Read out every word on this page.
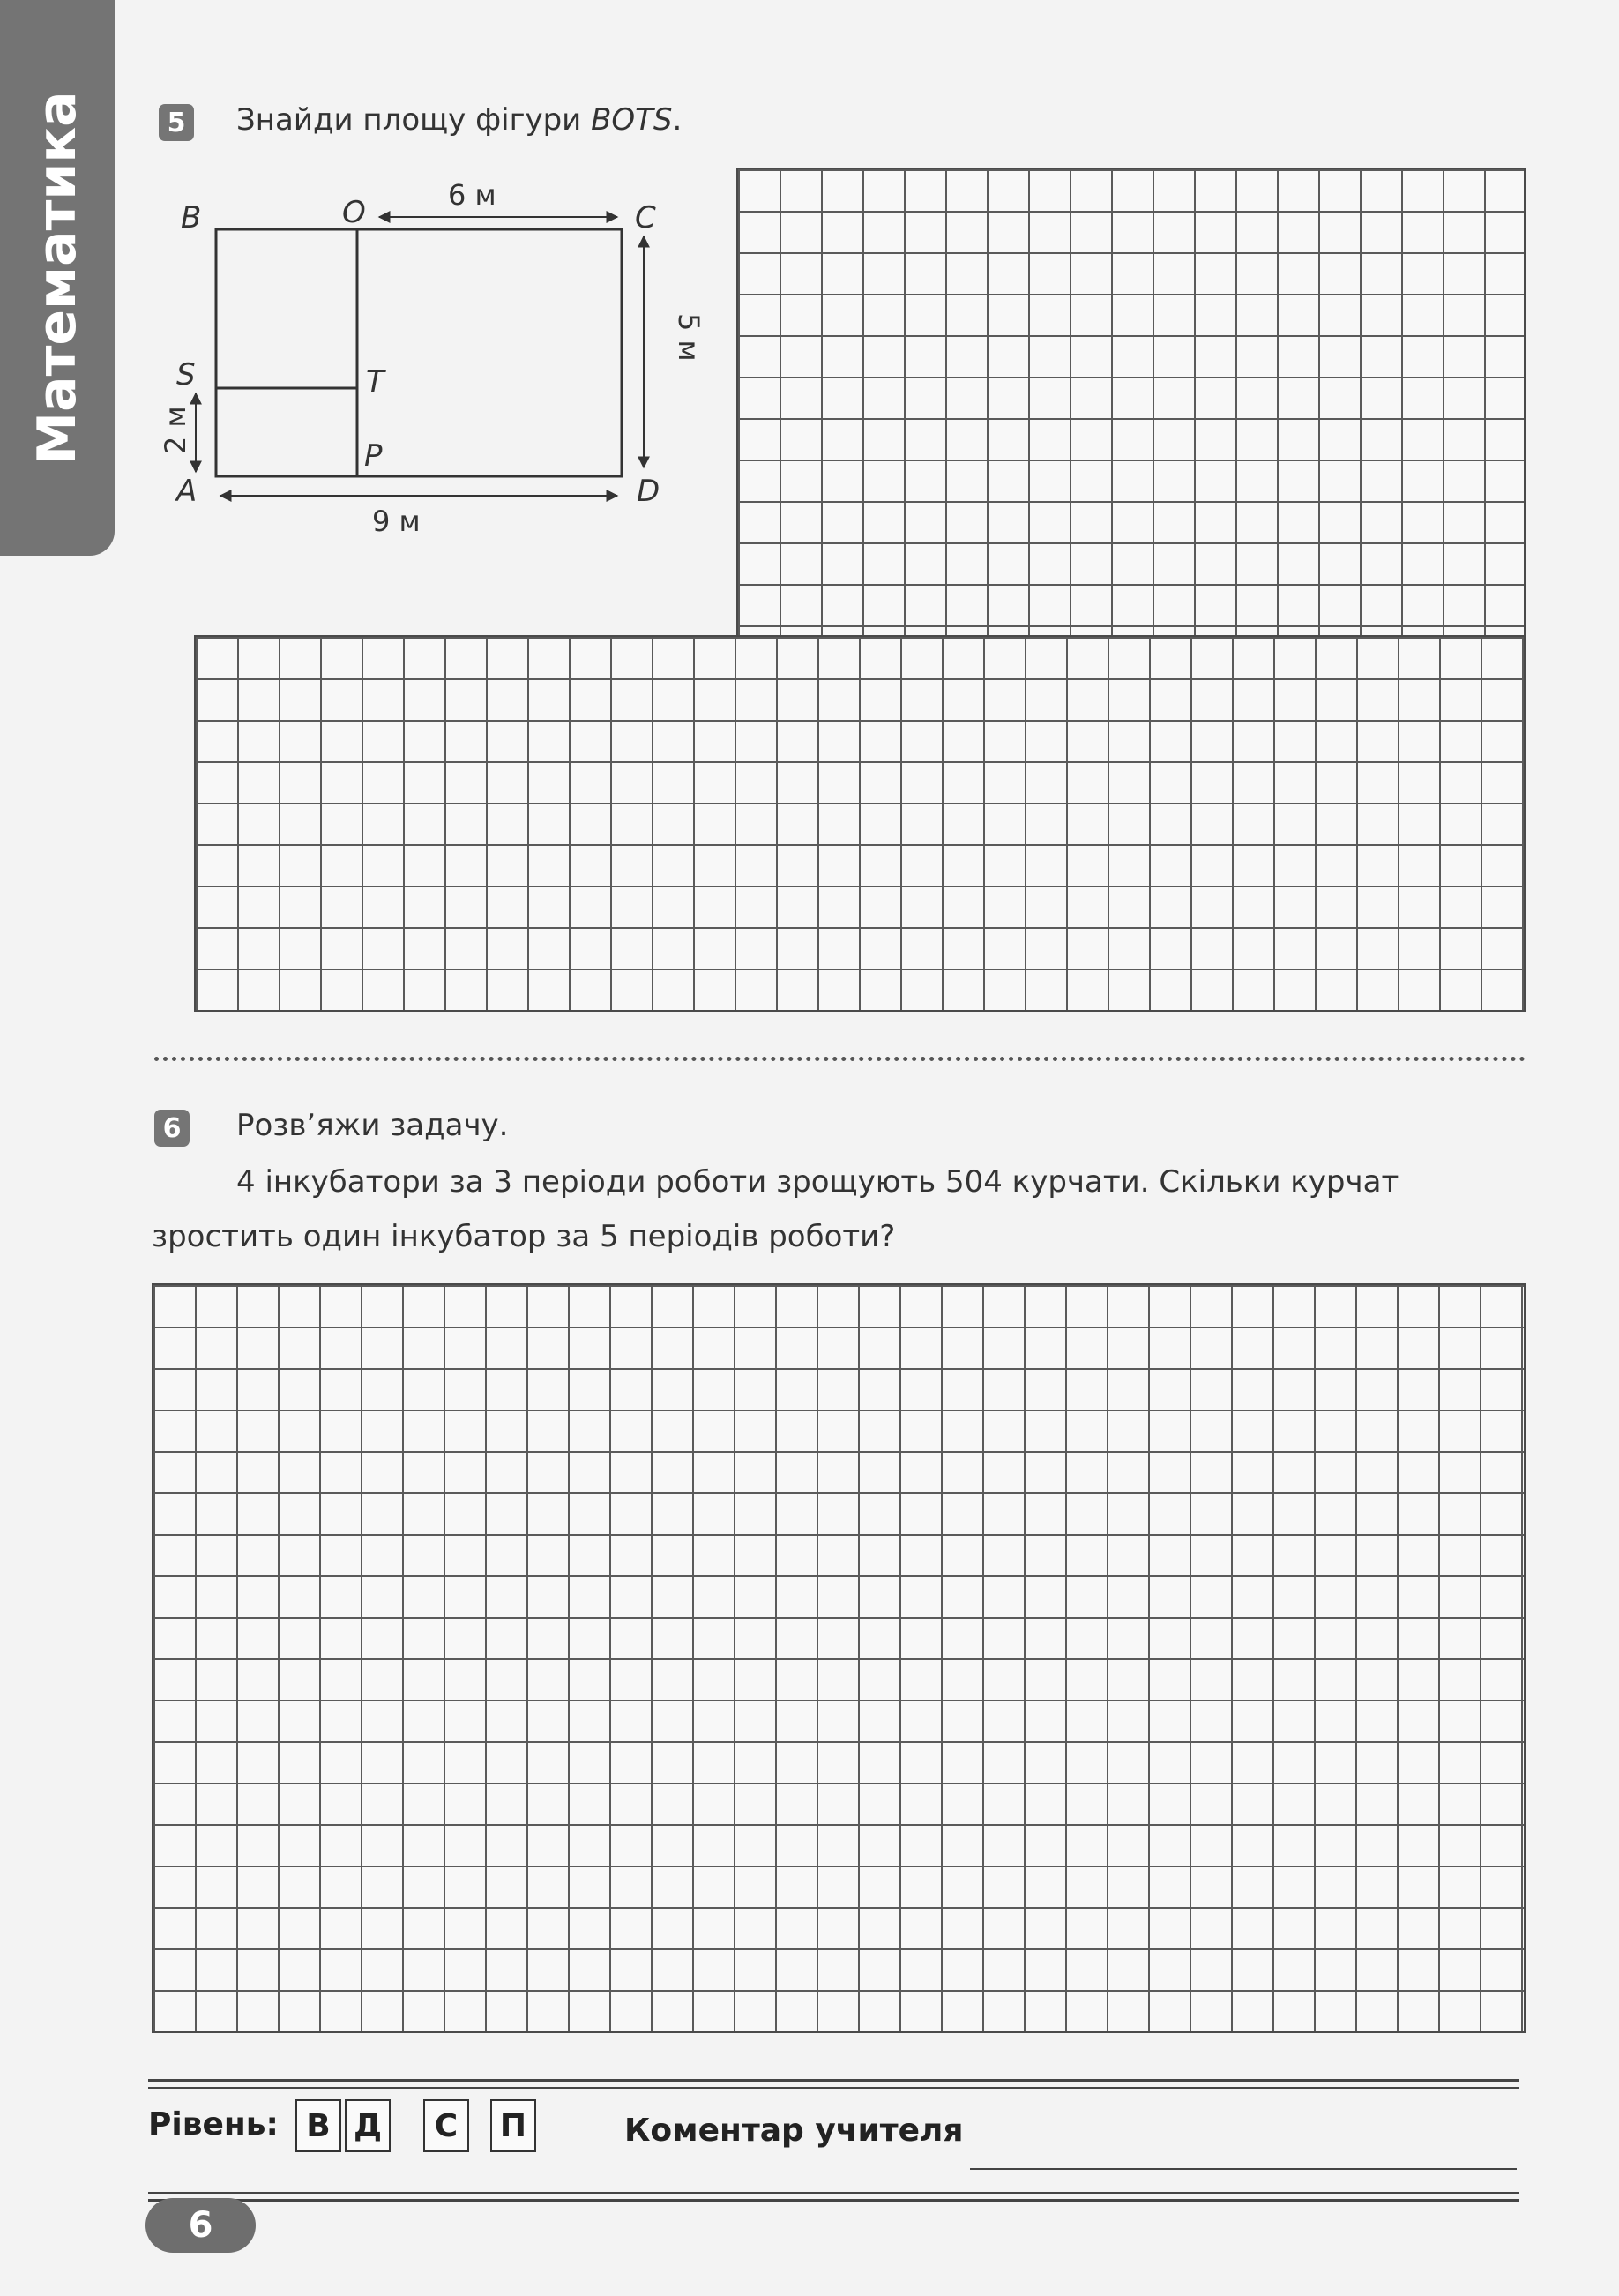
Математика	5 Знайди площу фігури BOTS.
B	O	C
S	T
A
P
D
6 м
9 м
5 м
2 м
6 Розв’яжи задачу.
4 інкубатори за 3 періоди роботи зрощують 504 курчати. Скільки курчат
зростить один інкубатор за 5 періодів роботи?
Рівень: В Д С П	Коментар учителя
6
